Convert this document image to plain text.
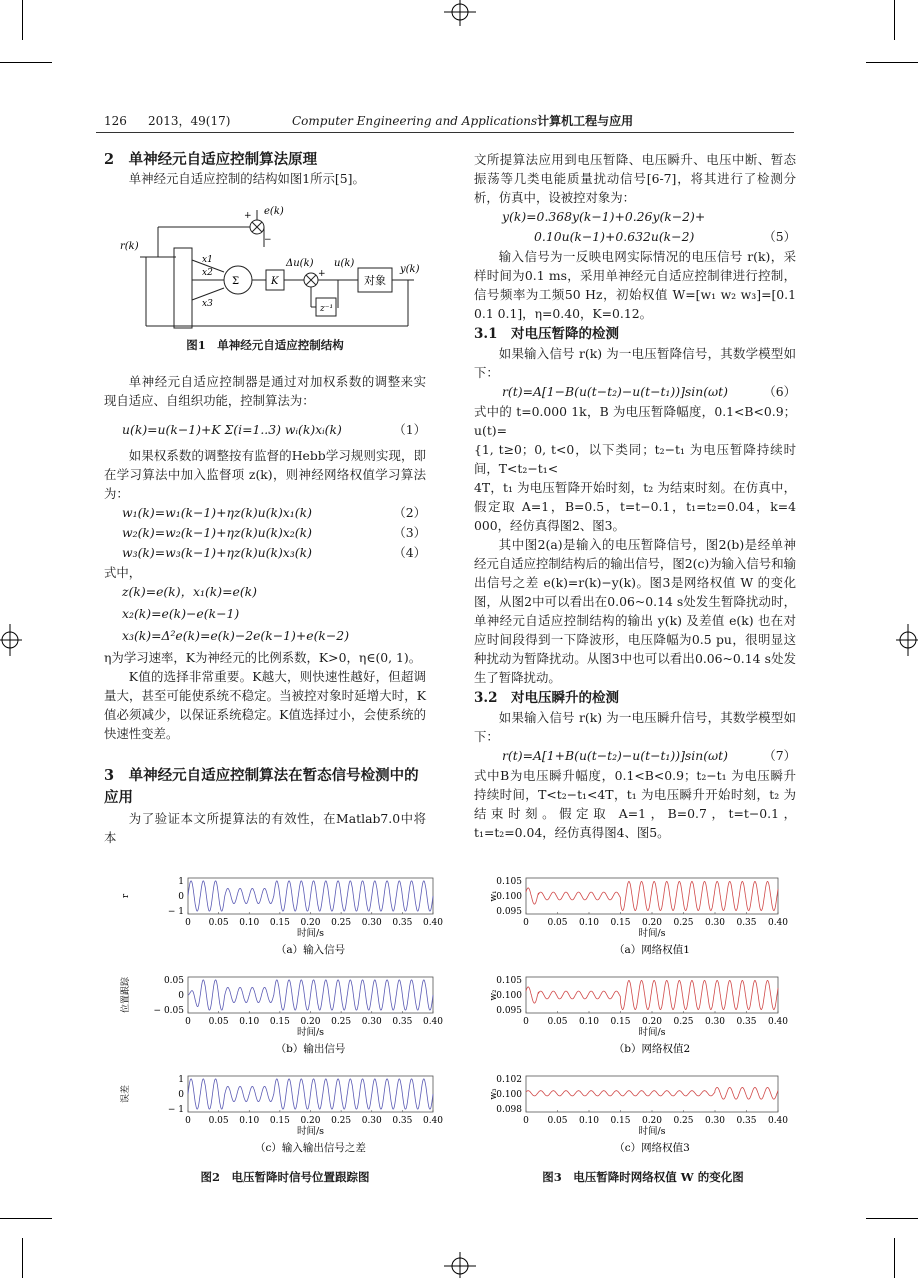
126 2013，49(17)	Computer Engineering and Applications计算机工程与应用
2　单神经元自适应控制算法原理

单神经元自适应控制的结构如图1所示[5]。

r(k)
e(k)
x1
x2
x3
Σ	K
Δu(k) u(k)
对象
y(k)
z⁻¹
+
−
+
图1　单神经元自适应控制结构

单神经元自适应控制器是通过对加权系数的调整来实现自适应、自组织功能，控制算法为：

u(k)=u(k−1)+K Σ(i=1..3) wᵢ(k)xᵢ(k)	（1）

如果权系数的调整按有监督的Hebb学习规则实现，即在学习算法中加入监督项 z(k)，则神经网络权值学习算法为：

w₁(k)=w₁(k−1)+ηz(k)u(k)x₁(k)	（2）
w₂(k)=w₂(k−1)+ηz(k)u(k)x₂(k)	（3）
w₃(k)=w₃(k−1)+ηz(k)u(k)x₃(k)	（4）
式中，
z(k)=e(k)，x₁(k)=e(k)
x₂(k)=e(k)−e(k−1)
x₃(k)=Δ²e(k)=e(k)−2e(k−1)+e(k−2)

η为学习速率，K为神经元的比例系数，K>0，η∈(0, 1)。

K值的选择非常重要。K越大，则快速性越好，但超调量大，甚至可能使系统不稳定。当被控对象时延增大时，K值必须减少，以保证系统稳定。K值选择过小，会使系统的快速性变差。

3　单神经元自适应控制算法在暂态信号检测中的应用

为了验证本文所提算法的有效性，在Matlab7.0中将本

文所提算法应用到电压暂降、电压瞬升、电压中断、暂态振荡等几类电能质量扰动信号[6-7]，将其进行了检测分析，仿真中，设被控对象为：

y(k)=0.368y(k−1)+0.26y(k−2)+
0.10u(k−1)+0.632u(k−2)	（5）

输入信号为一反映电网实际情况的电压信号 r(k)，采样时间为0.1 ms，采用单神经元自适应控制律进行控制，信号频率为工频50 Hz，初始权值 W=[w₁ w₂ w₃]=[0.1 0.1 0.1]，η=0.40，K=0.12。

3.1　对电压暂降的检测

如果输入信号 r(k) 为一电压暂降信号，其数学模型如下：

r(t)=A[1−B(u(t−t₂)−u(t−t₁))]sin(ωt)	（6）

式中的 t=0.000 1k，B 为电压暂降幅度，0.1<B<0.9；u(t)=

{1, t≥0；0, t<0，以下类同；t₂−t₁ 为电压暂降持续时间，T<t₂−t₁<

4T，t₁ 为电压暂降开始时刻，t₂ 为结束时刻。在仿真中，假定取 A=1，B=0.5，t=t−0.1，t₁=t₂=0.04，k=4 000，经仿真得图2、图3。

其中图2(a)是输入的电压暂降信号，图2(b)是经单神经元自适应控制结构后的输出信号，图2(c)为输入信号和输出信号之差 e(k)=r(k)−y(k)。图3是网络权值 W 的变化图，从图2中可以看出在0.06~0.14 s处发生暂降扰动时，单神经元自适应控制结构的输出 y(k) 及差值 e(k) 也在对应时间段得到一下降波形，电压降幅为0.5 pu，很明显这种扰动为暂降扰动。从图3中也可以看出0.06~0.14 s处发生了暂降扰动。

3.2　对电压瞬升的检测

如果输入信号 r(k) 为一电压瞬升信号，其数学模型如下：

r(t)=A[1+B(u(t−t₂)−u(t−t₁))]sin(ωt)	（7）

式中B为电压瞬升幅度，0.1<B<0.9；t₂−t₁ 为电压瞬升持续时间，T<t₂−t₁<4T，t₁ 为电压瞬升开始时刻，t₂ 为结束时刻。假定取 A=1，B=0.7，t=t−0.1，t₁=t₂=0.04，经仿真得图4、图5。

1
0
− 1
r
0 0.05 0.10 0.15 0.20 0.25 0.30 0.35 0.40
时间/s
（a）输入信号
0.05
0
− 0.05
位置跟踪
0 0.05 0.10 0.15 0.20 0.25 0.30 0.35 0.40
时间/s
（b）输出信号
1
0
− 1
误差
0 0.05 0.10 0.15 0.20 0.25 0.30 0.35 0.40
时间/s
（c）输入输出信号之差
0.105
0.100
0.095
w₁
0 0.05 0.10 0.15 0.20 0.25 0.30 0.35 0.40
时间/s
（a）网络权值1
0.105
0.100
0.095
w₂
0 0.05 0.10 0.15 0.20 0.25 0.30 0.35 0.40
时间/s
（b）网络权值2
0.102
0.100
0.098
w₃
0 0.05 0.10 0.15 0.20 0.25 0.30 0.35 0.40
时间/s
（c）网络权值3
图2　电压暂降时信号位置跟踪图	图3　电压暂降时网络权值 W 的变化图
